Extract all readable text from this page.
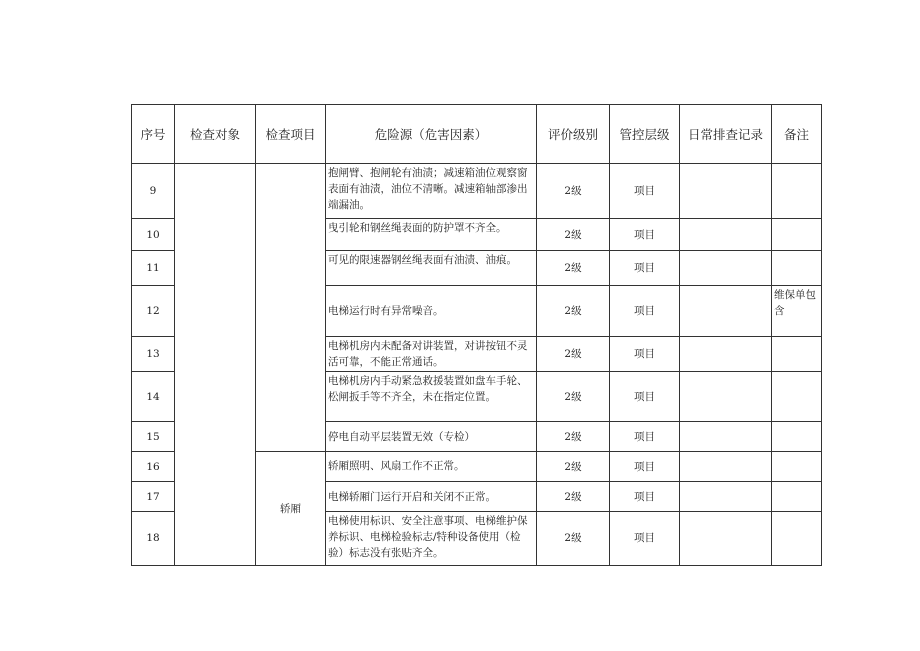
序号	检查对象	检查项目	危险源（危害因素）	评价级别	管控层级	日常排查记录	备注
9			抱闸臂、抱闸轮有油渍；减速箱油位观察窗表面有油渍，油位不清晰。减速箱轴部渗出端漏油。	2级	项目		
10			曳引轮和钢丝绳表面的防护罩不齐全。	2级	项目		
11			可见的限速器钢丝绳表面有油渍、油痕。	2级	项目		
12			电梯运行时有异常噪音。	2级	项目		维保单包含
13			电梯机房内未配备对讲装置，对讲按钮不灵活可靠，不能正常通话。	2级	项目		
14			电梯机房内手动紧急救援装置如盘车手轮、松闸扳手等不齐全，未在指定位置。	2级	项目		
15			停电自动平层装置无效（专检）	2级	项目		
16		轿厢	轿厢照明、风扇工作不正常。	2级	项目		
17			电梯轿厢门运行开启和关闭不正常。	2级	项目		
18			电梯使用标识、安全注意事项、电梯维护保养标识、电梯检验标志/特种设备使用（检验）标志没有张贴齐全。	2级	项目		
